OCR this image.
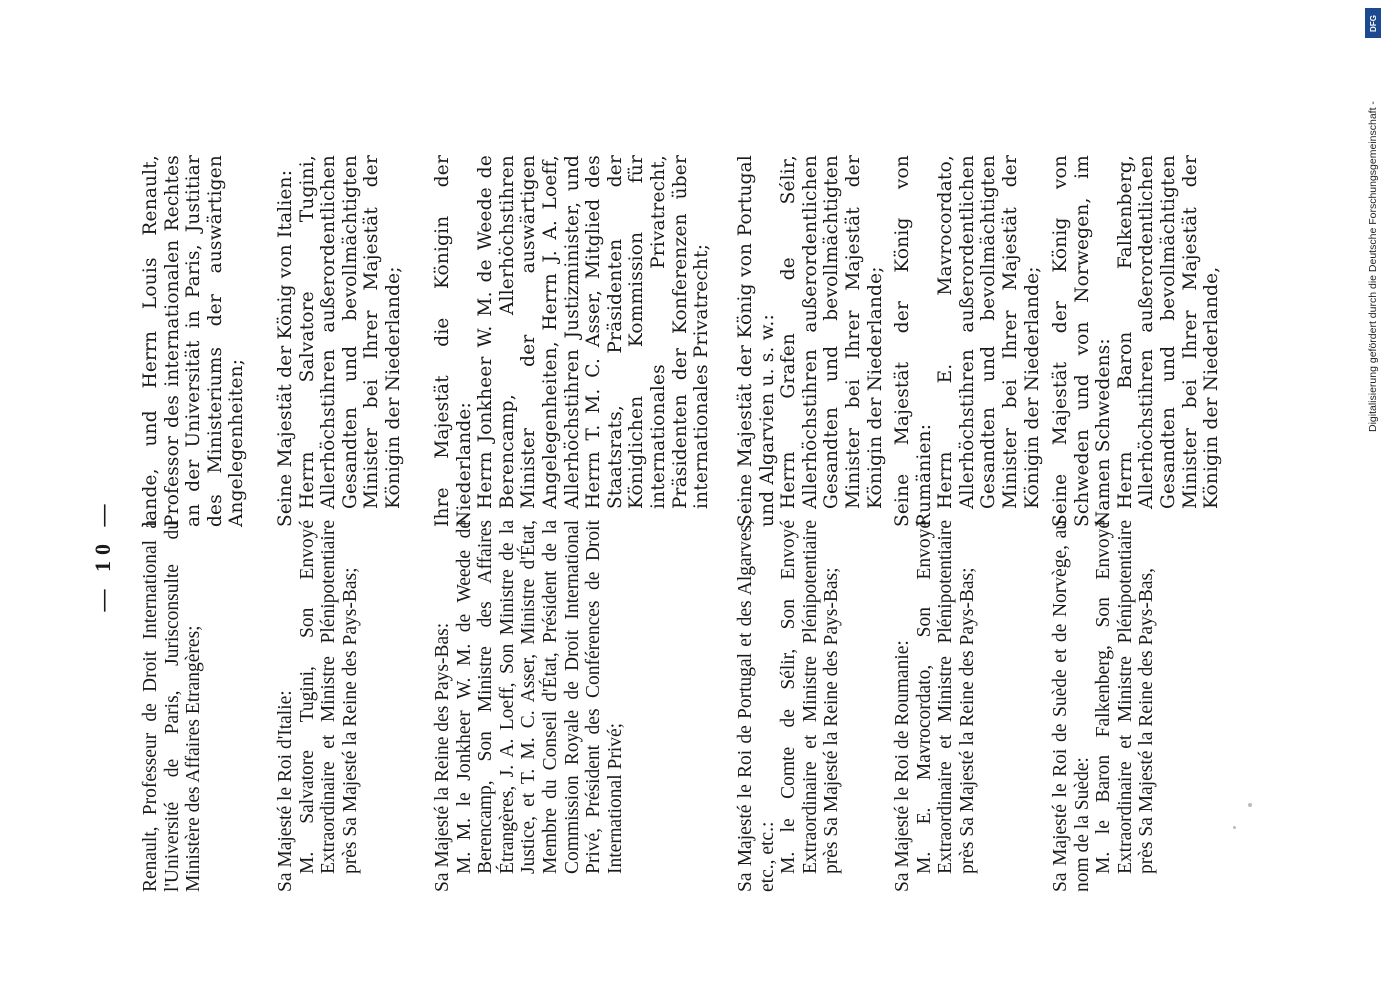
— 10 — Renault, Professeur de Droit International à l'Université de Paris, Jurisconsulte du Ministère des Affaires Etrangères;	Sa Majesté le Roi d'Italie: M. Salvatore Tugini, Son Envoyé Extraordinaire et Ministre Plénipotentiaire près Sa Majesté la Reine des Pays-Bas;	Sa Majesté la Reine des Pays-Bas: M. M. le Jonkheer W. M. de Weede de Berencamp, Son Ministre des Affaires Étrangères, J. A. Loeff, Son Ministre de la Justice, et T. M. C. Asser, Ministre d'État, Membre du Conseil d'État, Président de la Commission Royale de Droit International Privé, Président des Conférences de Droit International Privé;	Sa Majesté le Roi de Portugal et des Algarves, etc., etc.: M. le Comte de Sélir, Son Envoyé Extraordinaire et Ministre Plénipotentiaire près Sa Majesté la Reine des Pays-Bas;	Sa Majesté le Roi de Roumanie: M. E. Mavrocordato, Son Envoyé Extraordinaire et Ministre Plénipotentiaire près Sa Majesté la Reine des Pays-Bas;	Sa Majesté le Roi de Suède et de Norvège, au nom de la Suède: M. le Baron Falkenberg, Son Envoyé Extraordinaire et Ministre Plénipotentiaire près Sa Majesté la Reine des Pays-Bas,

lande, und Herrn Louis Renault, Professor des internationalen Rechtes an der Universität in Paris, Justitiar des Ministeriums der auswärtigen Angelegenheiten; Seine Majestät der König von Italien: Herrn Salvatore Tugini, Allerhöchstihren außerordentlichen Gesandten und bevollmächtigten Minister bei Ihrer Majestät der Königin der Niederlande; Ihre Majestät die Königin der Niederlande: Herrn Jonkheer W. M. de Weede de Berencamp, Allerhöchstihren Minister der auswärtigen Angelegenheiten, Herrn J. A. Loeff, Allerhöchstihren Justizminister, und Herrn T. M. C. Asser, Mitglied des Staatsrats, Präsidenten der Königlichen Kommission für internationales Privatrecht, Präsidenten der Konferenzen über internationales Privatrecht; Seine Majestät der König von Portugal und Algarvien u. s. w.: Herrn Grafen de Sélir, Allerhöchstihren außerordentlichen Gesandten und bevollmächtigten Minister bei Ihrer Majestät der Königin der Niederlande; Seine Majestät der König von Rumänien: Herrn E. Mavrocordato, Allerhöchstihren außerordentlichen Gesandten und bevollmächtigten Minister bei Ihrer Majestät der Königin der Niederlande; Seine Majestät der König von Schweden und von Norwegen, im Namen Schwedens: Herrn Baron Falkenberg, Allerhöchstihren außerordentlichen Gesandten und bevollmächtigten Minister bei Ihrer Majestät der Königin der Niederlande,

DFG
Digitalisierung gefördert durch die Deutsche Forschungsgemeinschaft -
